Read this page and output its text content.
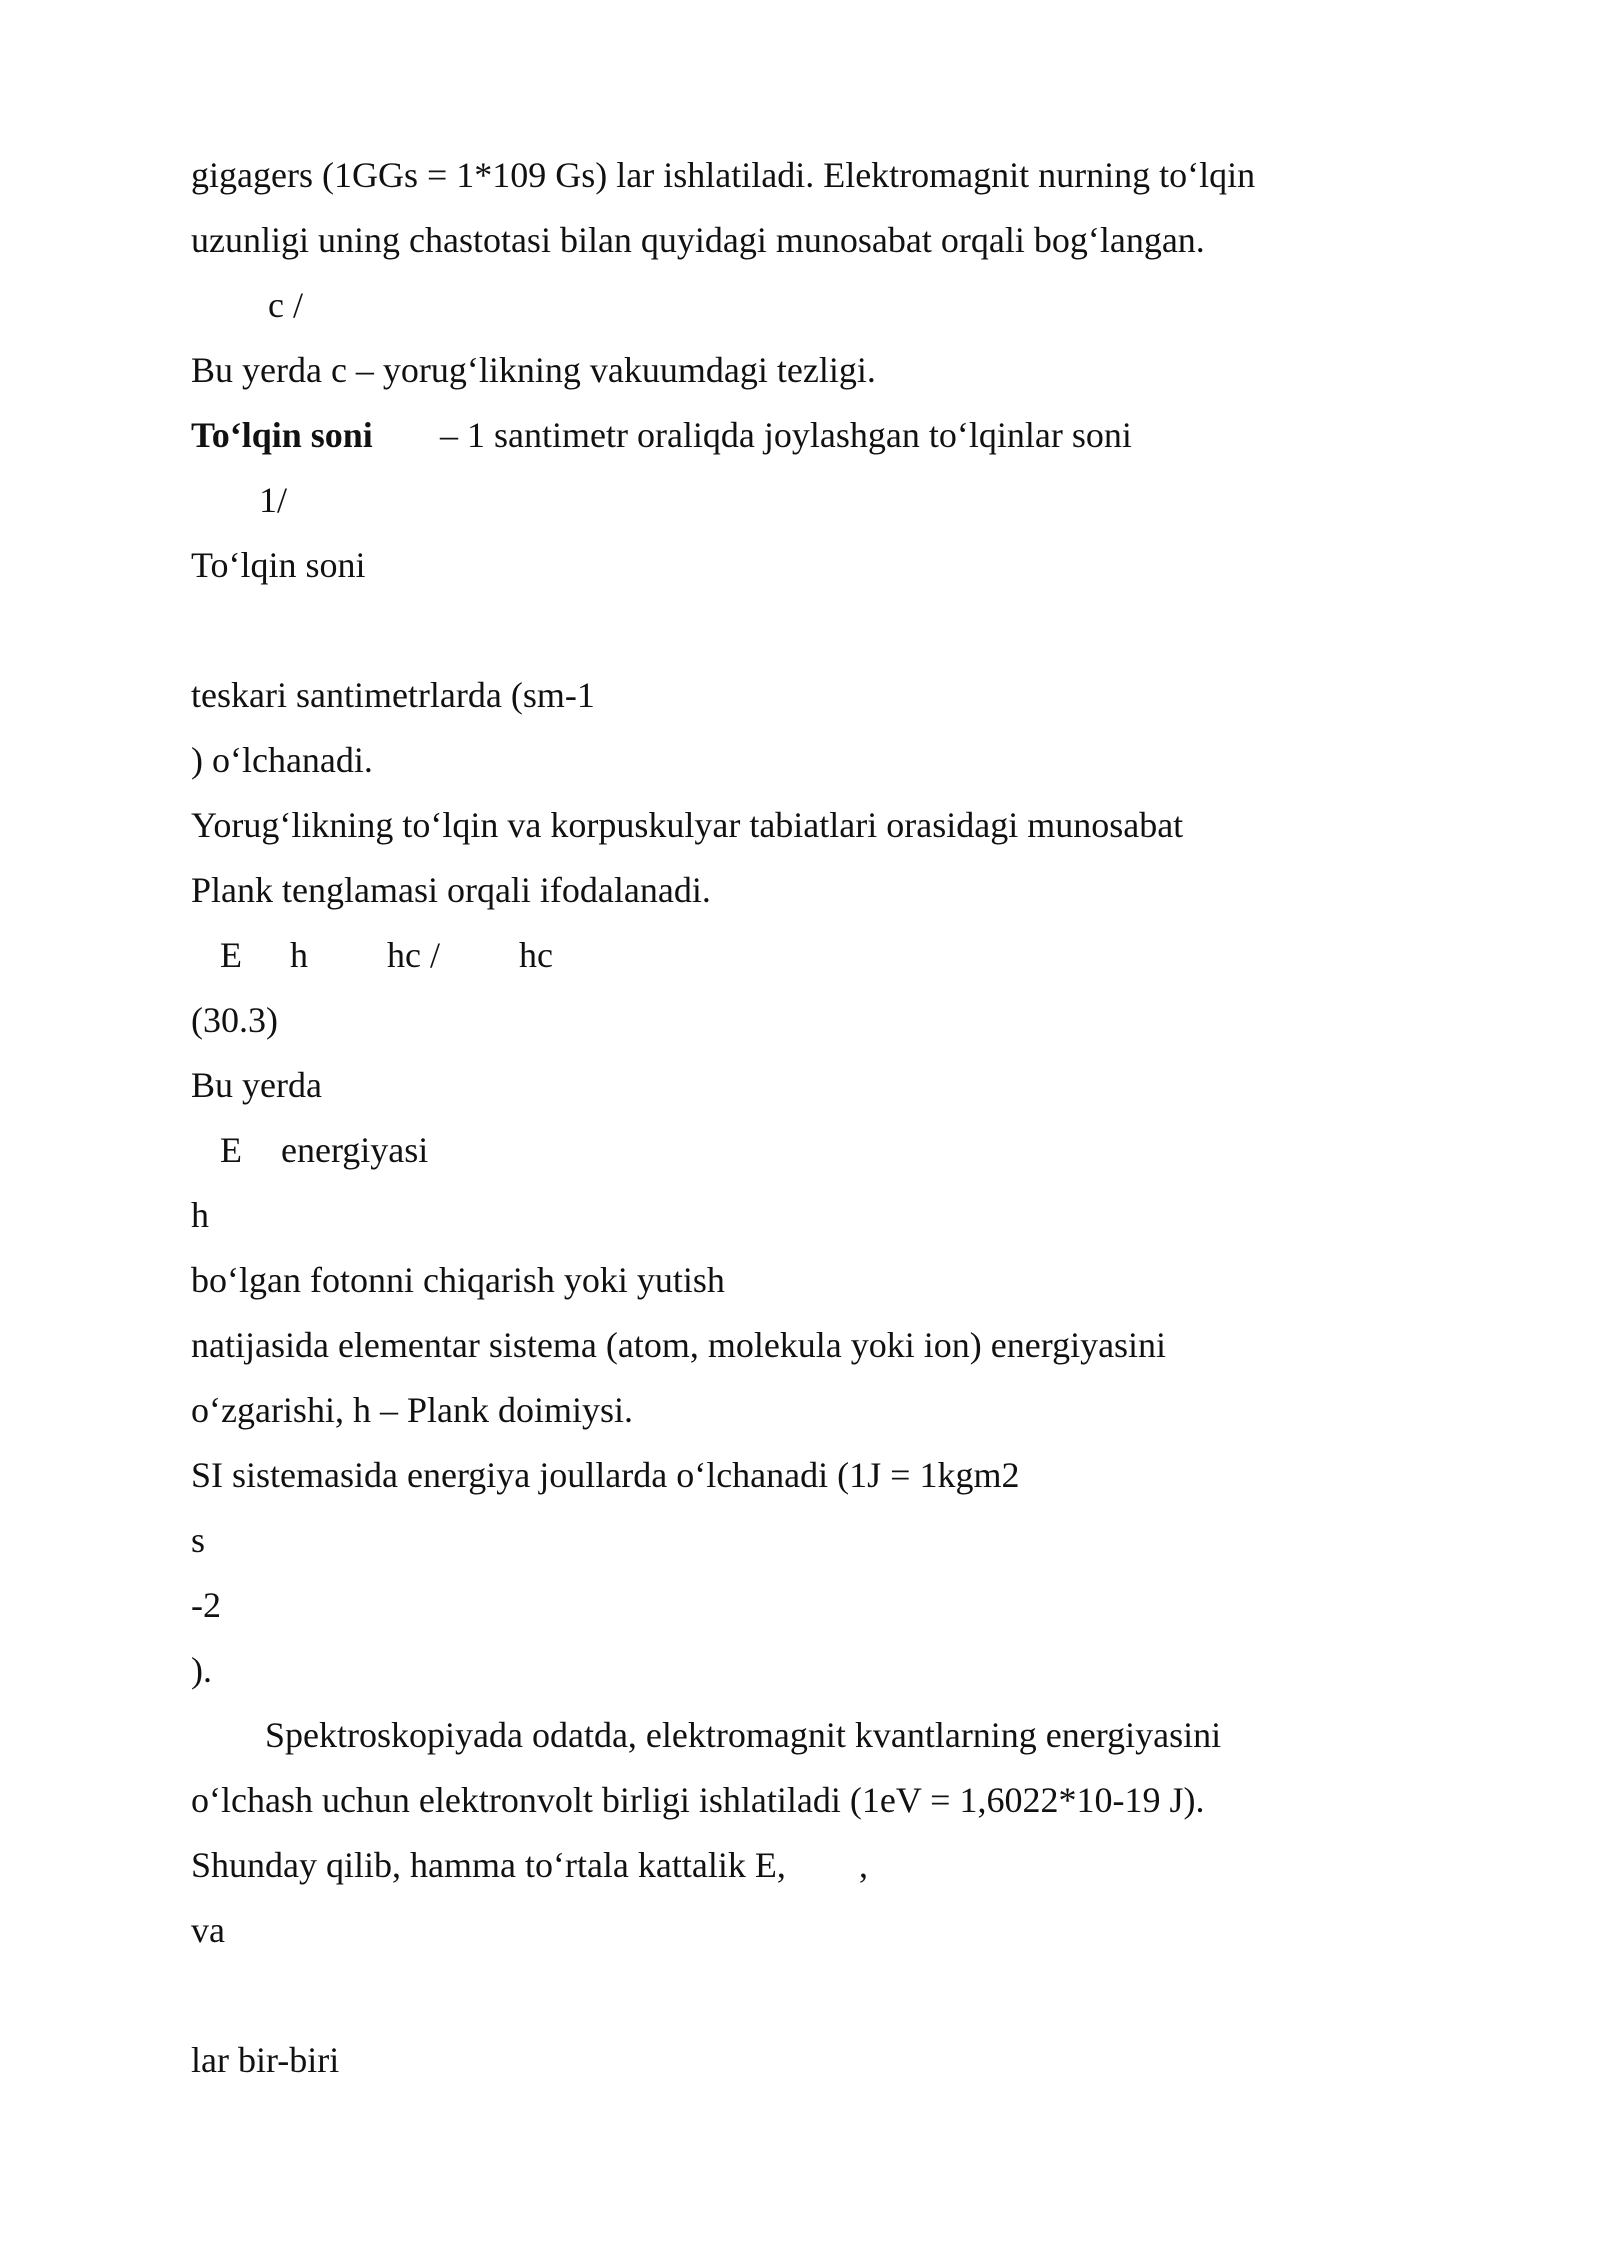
gigagers (1GGs = 1*109 Gs) lar ishlatiladi. Elektromagnit nurning to‘lqin
uzunligi uning chastotasi bilan quyidagi munosabat orqali bog‘langan.
c /
Bu yerda c – yorug‘likning vakuumdagi tezligi.
To‘lqin soni – 1 santimetr oraliqda joylashgan to‘lqinlar soni
1/
To‘lqin soni
teskari santimetrlarda (sm-1
) o‘lchanadi.
Yorug‘likning to‘lqin va korpuskulyar tabiatlari orasidagi munosabat
Plank tenglamasi orqali ifodalanadi.
E h hc / hc
(30.3)
Bu yerda
E energiyasi
h
bo‘lgan fotonni chiqarish yoki yutish
natijasida elementar sistema (atom, molekula yoki ion) energiyasini
o‘zgarishi, h – Plank doimiysi.
SI sistemasida energiya joullarda o‘lchanadi (1J = 1kgm2
s
-2
).
Spektroskopiyada odatda, elektromagnit kvantlarning energiyasini
o‘lchash uchun elektronvolt birligi ishlatiladi (1eV = 1,6022*10-19 J).
Shunday qilib, hamma to‘rtala kattalik E, ,
va
lar bir-biri
